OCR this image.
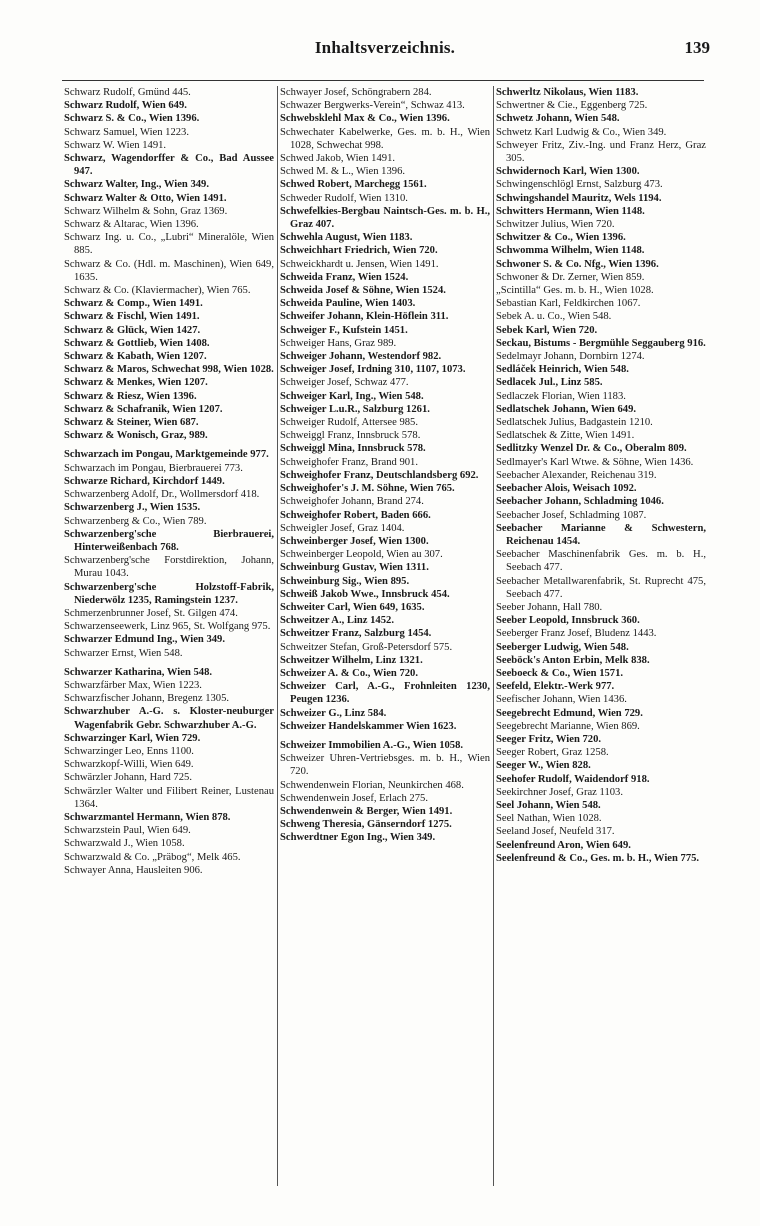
Inhaltsverzeichnis.	139

Schwarz Rudolf, Gmünd 445.

Schwarz Rudolf, Wien 649.

Schwarz S. & Co., Wien 1396.

Schwarz Samuel, Wien 1223.

Schwarz W. Wien 1491.

Schwarz, Wagendorffer & Co., Bad Aussee 947.

Schwarz Walter, Ing., Wien 349.

Schwarz Walter & Otto, Wien 1491.

Schwarz Wilhelm & Sohn, Graz 1369.

Schwarz & Altarac, Wien 1396.

Schwarz Ing. u. Co., „Lubri“ Mineralöle, Wien 885.

Schwarz & Co. (Hdl. m. Maschinen), Wien 649, 1635.

Schwarz & Co. (Klaviermacher), Wien 765.

Schwarz & Comp., Wien 1491.

Schwarz & Fischl, Wien 1491.

Schwarz & Glück, Wien 1427.

Schwarz & Gottlieb, Wien 1408.

Schwarz & Kabath, Wien 1207.

Schwarz & Maros, Schwechat 998, Wien 1028.

Schwarz & Menkes, Wien 1207.

Schwarz & Riesz, Wien 1396.

Schwarz & Schafranik, Wien 1207.

Schwarz & Steiner, Wien 687.

Schwarz & Wonisch, Graz, 989.

Schwarzach im Pongau, Marktgemeinde 977.

Schwarzach im Pongau, Bierbrauerei 773.

Schwarze Richard, Kirchdorf 1449.

Schwarzenberg Adolf, Dr., Wollmersdorf 418.

Schwarzenberg J., Wien 1535.

Schwarzenberg & Co., Wien 789.

Schwarzenberg'sche Bierbrauerei, Hinterweißenbach 768.

Schwarzenberg'sche Forstdirektion, Johann, Murau 1043.

Schwarzenberg'sche Holzstoff-Fabrik, Niederwölz 1235, Ramingstein 1237.

Schmerzenbrunner Josef, St. Gilgen 474.

Schwarzenseewerk, Linz 965, St. Wolfgang 975.

Schwarzer Edmund Ing., Wien 349.

Schwarzer Ernst, Wien 548.

Schwarzer Katharina, Wien 548.

Schwarzfärber Max, Wien 1223.

Schwarzfischer Johann, Bregenz 1305.

Schwarzhuber A.-G. s. Kloster-neuburger Wagenfabrik Gebr. Schwarzhuber A.-G.

Schwarzinger Karl, Wien 729.

Schwarzinger Leo, Enns 1100.

Schwarzkopf-Willi, Wien 649.

Schwärzler Johann, Hard 725.

Schwärzler Walter und Filibert Reiner, Lustenau 1364.

Schwarzmantel Hermann, Wien 878.

Schwarzstein Paul, Wien 649.

Schwarzwald J., Wien 1058.

Schwarzwald & Co. „Präbog“, Melk 465.

Schwayer Anna, Hausleiten 906.

Schwayer Josef, Schöngrabern 284.

Schwazer Bergwerks-Verein“, Schwaz 413.

Schwebsklehl Max & Co., Wien 1396.

Schwechater Kabelwerke, Ges. m. b. H., Wien 1028, Schwechat 998.

Schwed Jakob, Wien 1491.

Schwed M. & L., Wien 1396.

Schwed Robert, Marchegg 1561.

Schweder Rudolf, Wien 1310.

Schwefelkies-Bergbau Naintsch-Ges. m. b. H., Graz 407.

Schwehla August, Wien 1183.

Schweichhart Friedrich, Wien 720.

Schweickhardt u. Jensen, Wien 1491.

Schweida Franz, Wien 1524.

Schweida Josef & Söhne, Wien 1524.

Schweida Pauline, Wien 1403.

Schweifer Johann, Klein-Höflein 311.

Schweiger F., Kufstein 1451.

Schweiger Hans, Graz 989.

Schweiger Johann, Westendorf 982.

Schweiger Josef, Irdning 310, 1107, 1073.

Schweiger Josef, Schwaz 477.

Schweiger Karl, Ing., Wien 548.

Schweiger L.u.R., Salzburg 1261.

Schweiger Rudolf, Attersee 985.

Schweiggl Franz, Innsbruck 578.

Schweiggl Mina, Innsbruck 578.

Schweighofer Franz, Brand 901.

Schweighofer Franz, Deutschlandsberg 692.

Schweighofer's J. M. Söhne, Wien 765.

Schweighofer Johann, Brand 274.

Schweighofer Robert, Baden 666.

Schweigler Josef, Graz 1404.

Schweinberger Josef, Wien 1300.

Schweinberger Leopold, Wien au 307.

Schweinburg Gustav, Wien 1311.

Schweinburg Sig., Wien 895.

Schweiß Jakob Wwe., Innsbruck 454.

Schweiter Carl, Wien 649, 1635.

Schweitzer A., Linz 1452.

Schweitzer Franz, Salzburg 1454.

Schweitzer Stefan, Groß-Petersdorf 575.

Schweitzer Wilhelm, Linz 1321.

Schweizer A. & Co., Wien 720.

Schweizer Carl, A.-G., Frohnleiten 1230, Peugen 1236.

Schweizer G., Linz 584.

Schweizer Handelskammer Wien 1623.

Schweizer Immobilien A.-G., Wien 1058.

Schweizer Uhren-Vertriebsges. m. b. H., Wien 720.

Schwendenwein Florian, Neunkirchen 468.

Schwendenwein Josef, Erlach 275.

Schwendenwein & Berger, Wien 1491.

Schweng Theresia, Gänserndorf 1275.

Schwerdtner Egon Ing., Wien 349.

Schwerltz Nikolaus, Wien 1183.

Schwertner & Cie., Eggenberg 725.

Schwetz Johann, Wien 548.

Schwetz Karl Ludwig & Co., Wien 349.

Schweyer Fritz, Ziv.-Ing. und Franz Herz, Graz 305.

Schwidernoch Karl, Wien 1300.

Schwingenschlögl Ernst, Salzburg 473.

Schwingshandel Mauritz, Wels 1194.

Schwitters Hermann, Wien 1148.

Schwitzer Julius, Wien 720.

Schwitzer & Co., Wien 1396.

Schwomma Wilhelm, Wien 1148.

Schwoner S. & Co. Nfg., Wien 1396.

Schwoner & Dr. Zerner, Wien 859.

„Scintilla“ Ges. m. b. H., Wien 1028.

Sebastian Karl, Feldkirchen 1067.

Sebek A. u. Co., Wien 548.

Sebek Karl, Wien 720.

Seckau, Bistums - Bergmühle Seggauberg 916.

Sedelmayr Johann, Dornbirn 1274.

Sedláček Heinrich, Wien 548.

Sedlacek Jul., Linz 585.

Sedlaczek Florian, Wien 1183.

Sedlatschek Johann, Wien 649.

Sedlatschek Julius, Badgastein 1210.

Sedlatschek & Zitte, Wien 1491.

Sedlitzky Wenzel Dr. & Co., Oberalm 809.

Sedlmayer's Karl Wtwe. & Söhne, Wien 1436.

Seebacher Alexander, Reichenau 319.

Seebacher Alois, Weisach 1092.

Seebacher Johann, Schladming 1046.

Seebacher Josef, Schladming 1087.

Seebacher Marianne & Schwestern, Reichenau 1454.

Seebacher Maschinenfabrik Ges. m. b. H., Seebach 477.

Seebacher Metallwarenfabrik, St. Ruprecht 475, Seebach 477.

Seeber Johann, Hall 780.

Seeber Leopold, Innsbruck 360.

Seeberger Franz Josef, Bludenz 1443.

Seeberger Ludwig, Wien 548.

Seeböck's Anton Erbin, Melk 838.

Seeboeck & Co., Wien 1571.

Seefeld, Elektr.-Werk 977.

Seefischer Johann, Wien 1436.

Seegebrecht Edmund, Wien 729.

Seegebrecht Marianne, Wien 869.

Seeger Fritz, Wien 720.

Seeger Robert, Graz 1258.

Seeger W., Wien 828.

Seehofer Rudolf, Waidendorf 918.

Seekirchner Josef, Graz 1103.

Seel Johann, Wien 548.

Seel Nathan, Wien 1028.

Seeland Josef, Neufeld 317.

Seelenfreund Aron, Wien 649.

Seelenfreund & Co., Ges. m. b. H., Wien 775.
